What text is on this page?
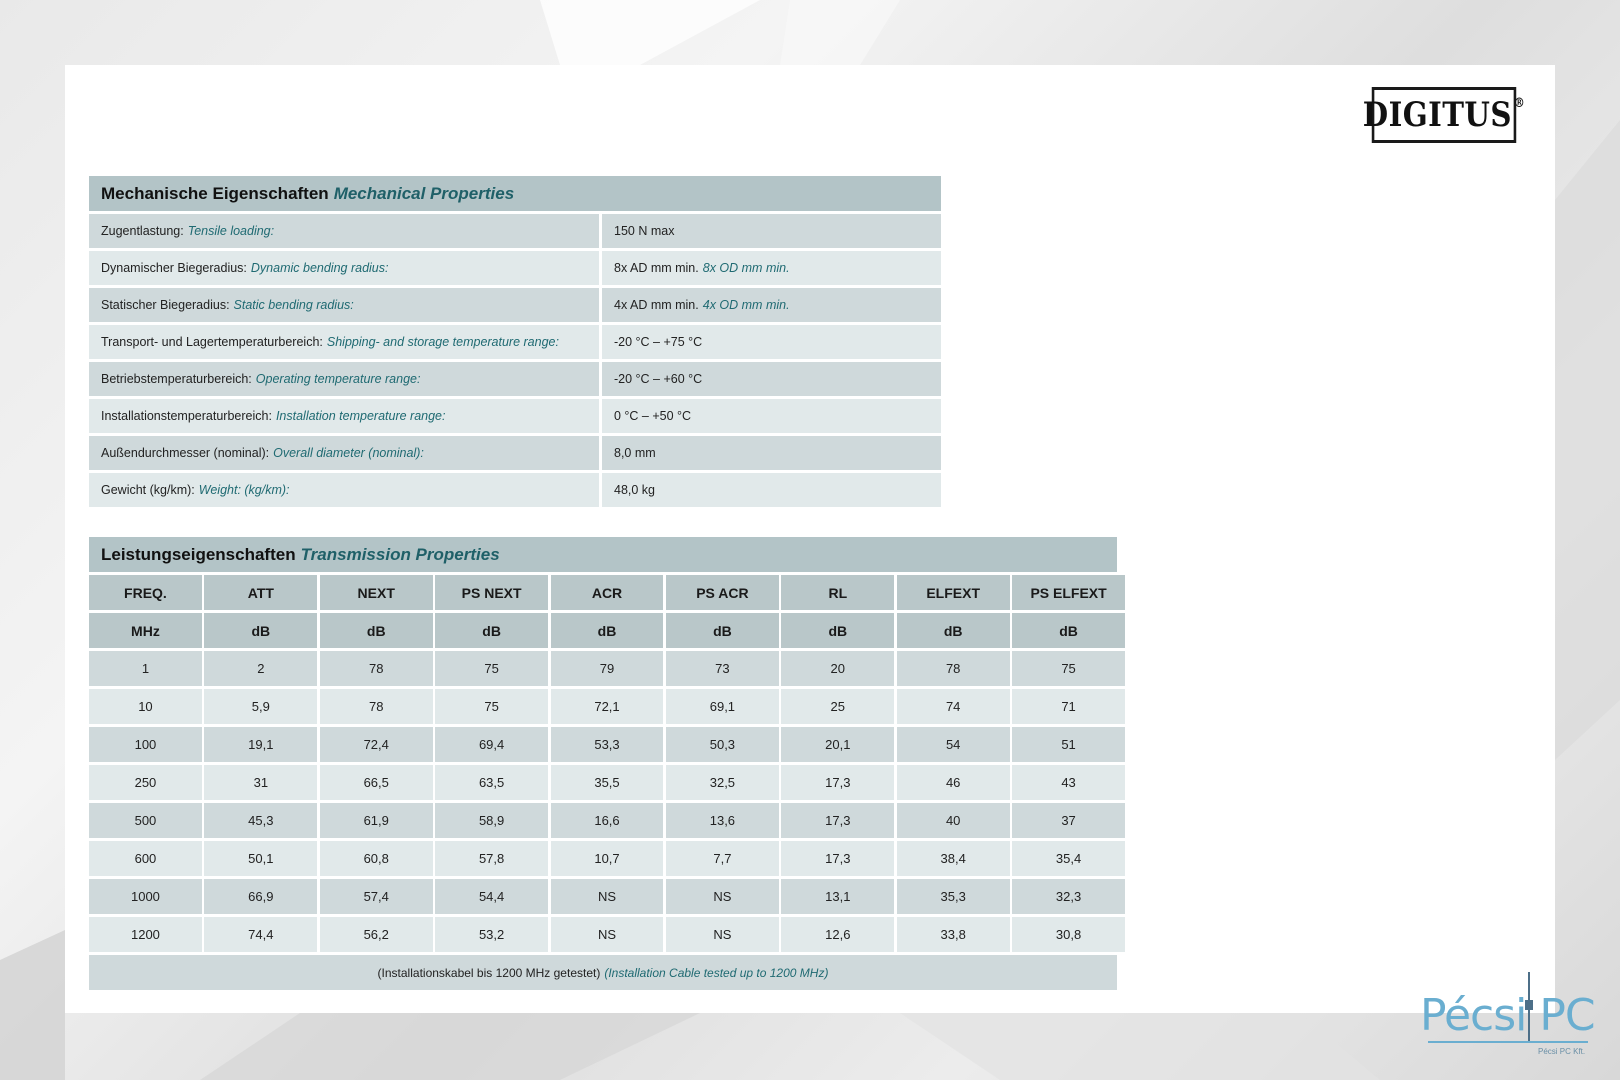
DIGITUS®
Mechanische Eigenschaften Mechanical Properties
Zugentlastung: Tensile loading:	150 N max
Dynamischer Biegeradius: Dynamic bending radius:	8x AD mm min. 8x OD mm min.
Statischer Biegeradius: Static bending radius:	4x AD mm min. 4x OD mm min.
Transport- und Lagertemperaturbereich: Shipping- and storage temperature range:	-20 °C – +75 °C
Betriebstemperaturbereich: Operating temperature range:	-20 °C – +60 °C
Installationstemperaturbereich: Installation temperature range:	0 °C – +50 °C
Außendurchmesser (nominal): Overall diameter (nominal):	8,0 mm
Gewicht (kg/km): Weight: (kg/km):	48,0 kg
Leistungseigenschaften Transmission Properties
FREQ.	ATT	NEXT	PS NEXT	ACR	PS ACR	RL	ELFEXT	PS ELFEXT
MHz	dB	dB	dB	dB	dB	dB	dB	dB
1	2	78	75	79	73	20	78	75
10	5,9	78	75	72,1	69,1	25	74	71
100	19,1	72,4	69,4	53,3	50,3	20,1	54	51
250	31	66,5	63,5	35,5	32,5	17,3	46	43
500	45,3	61,9	58,9	16,6	13,6	17,3	40	37
600	50,1	60,8	57,8	10,7	7,7	17,3	38,4	35,4
1000	66,9	57,4	54,4	NS	NS	13,1	35,3	32,3
1200	74,4	56,2	53,2	NS	NS	12,6	33,8	30,8
(Installationskabel bis 1200 MHz getestet) (Installation Cable tested up to 1200 MHz)
Pécsi PC
Pécsi PC Kft.
